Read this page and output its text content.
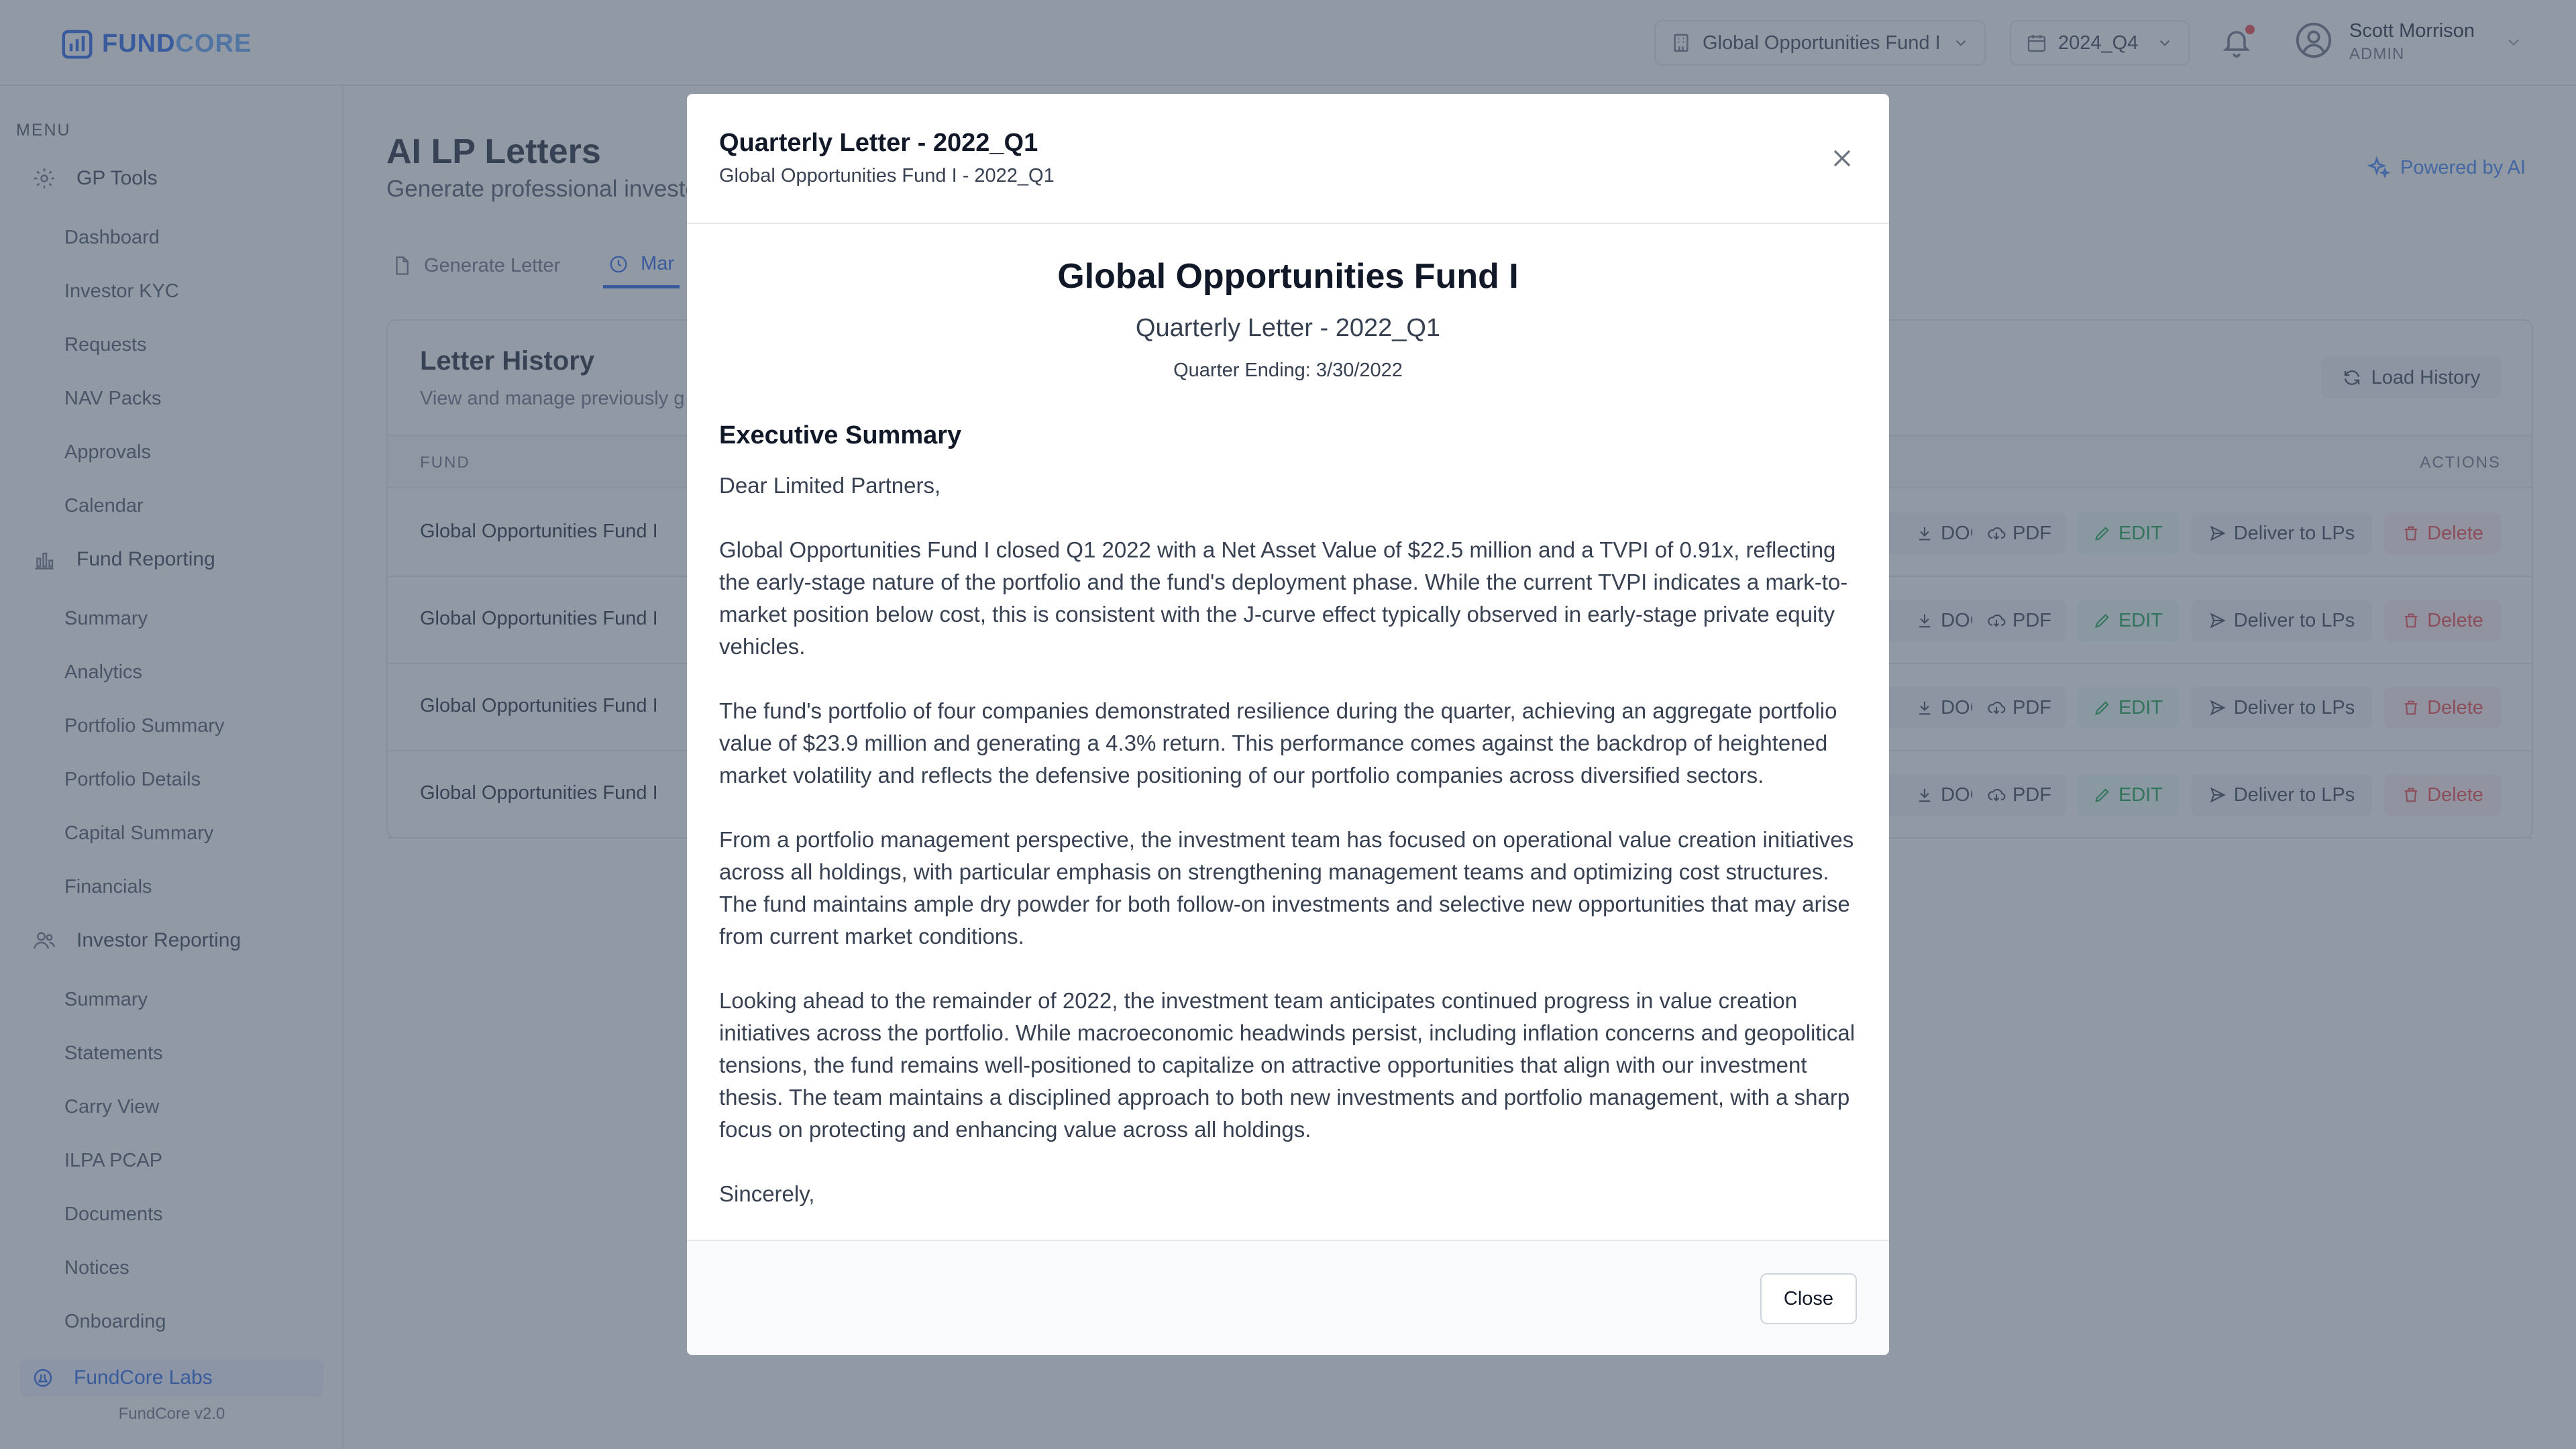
Quarterly Letter - 2022_Q1
Global Opportunities Fund I - 2022_Q1
Global Opportunities Fund I
Quarterly Letter - 2022_Q1
Quarter Ending: 3/30/2022
Executive Summary

Dear Limited Partners,

Global Opportunities Fund I closed Q1 2022 with a Net Asset Value of $22.5 million and a TVPI of 0.91x, reflecting the early-stage nature of the portfolio and the fund's deployment phase. While the current TVPI indicates a mark-to-market position below cost, this is consistent with the J-curve effect typically observed in early-stage private equity vehicles.

The fund's portfolio of four companies demonstrated resilience during the quarter, achieving an aggregate portfolio value of $23.9 million and generating a 4.3% return. This performance comes against the backdrop of heightened market volatility and reflects the defensive positioning of our portfolio companies across diversified sectors.

From a portfolio management perspective, the investment team has focused on operational value creation initiatives across all holdings, with particular emphasis on strengthening management teams and optimizing cost structures. The fund maintains ample dry powder for both follow-on investments and selective new opportunities that may arise from current market conditions.

Looking ahead to the remainder of 2022, the investment team anticipates continued progress in value creation initiatives across the portfolio. While macroeconomic headwinds persist, including inflation concerns and geopolitical tensions, the fund remains well-positioned to capitalize on attractive opportunities that align with our investment thesis. The team maintains a disciplined approach to both new investments and portfolio management, with a sharp focus on protecting and enhancing value across all holdings.

Sincerely,

Close
